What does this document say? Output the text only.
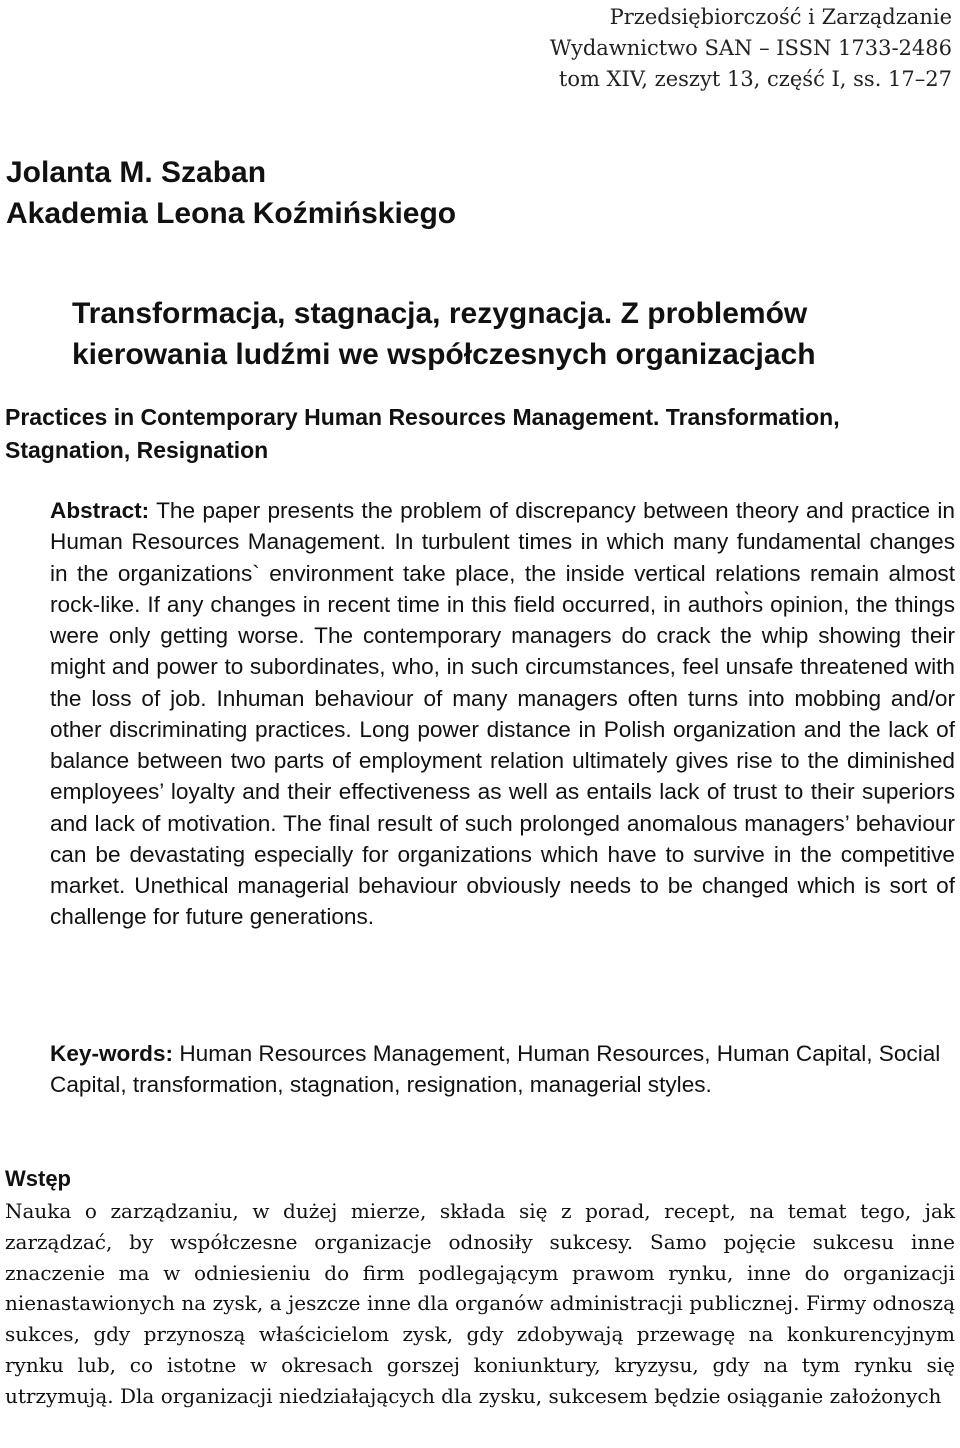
Przedsiębiorczość i Zarządzanie
Wydawnictwo SAN – ISSN 1733-2486
tom XIV, zeszyt 13, część I, ss. 17–27
Jolanta M. Szaban
Akademia Leona Koźmińskiego
Transformacja, stagnacja, rezygnacja. Z problemów kierowania ludźmi we współczesnych organizacjach
Practices in Contemporary Human Resources Management. Transformation, Stagnation, Resignation
Abstract: The paper presents the problem of discrepancy between theory and practice in Human Resources Management. In turbulent times in which many fundamental changes in the organizations` environment take place, the inside vertical relations remain almost rock-like. If any changes in recent time in this field occurred, in author̀s opinion, the things were only getting worse. The contemporary managers do crack the whip showing their might and power to subordinates, who, in such circumstances, feel unsafe threatened with the loss of job. Inhuman behaviour of many managers often turns into mobbing and/or other discriminating practices. Long power distance in Polish organization and the lack of balance between two parts of employment relation ultimately gives rise to the diminished employees’ loyalty and their effectiveness as well as entails lack of trust to their superiors and lack of motivation. The final result of such prolonged anomalous managers’ behaviour can be devastating especially for organizations which have to survive in the competitive market. Unethical managerial behaviour obviously needs to be changed which is sort of challenge for future generations.
Key-words: Human Resources Management, Human Resources, Human Capital, Social Capital, transformation, stagnation, resignation, managerial styles.
Wstęp
Nauka o zarządzaniu, w dużej mierze, składa się z porad, recept, na temat tego, jak zarządzać, by współczesne organizacje odnosiły sukcesy. Samo pojęcie sukcesu inne znaczenie ma w odniesieniu do firm podlegającym prawom rynku, inne do organizacji nienastawionych na zysk, a jeszcze inne dla organów administracji publicznej. Firmy odnoszą sukces, gdy przynoszą właścicielom zysk, gdy zdobywają przewagę na konkurencyjnym rynku lub, co istotne w okresach gorszej koniunktury, kryzysu, gdy na tym rynku się utrzymują. Dla organizacji niedziałających dla zysku, sukcesem będzie osiąganie założonych
